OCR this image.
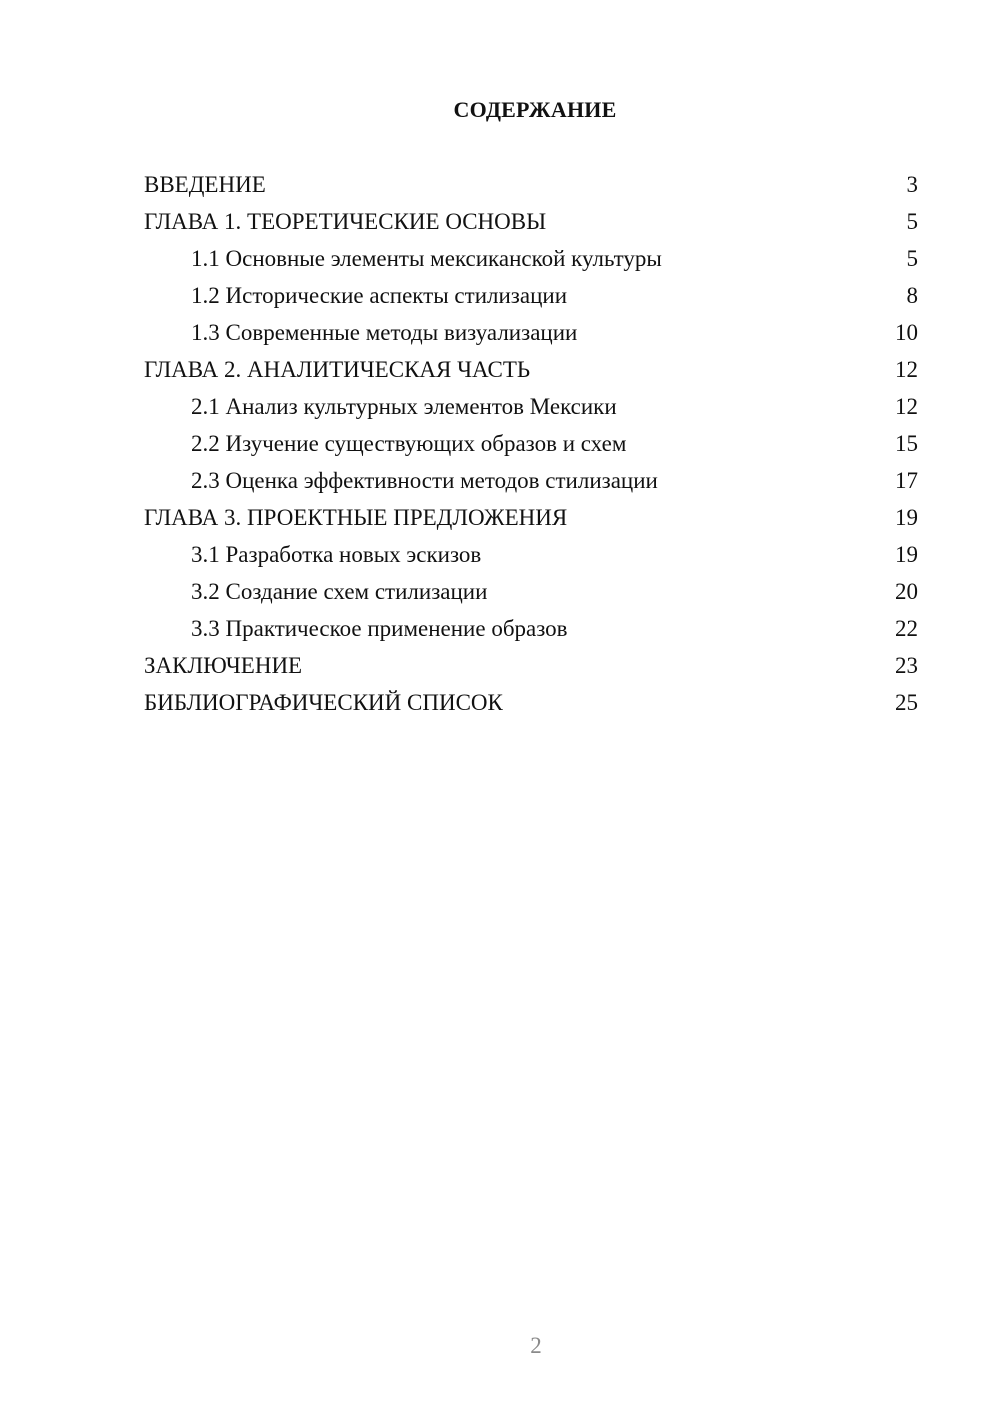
СОДЕРЖАНИЕ
ВВЕДЕНИЕ	3
ГЛАВА 1. ТЕОРЕТИЧЕСКИЕ ОСНОВЫ	5
1.1 Основные элементы мексиканской культуры	5
1.2 Исторические аспекты стилизации	8
1.3 Современные методы визуализации	10
ГЛАВА 2. АНАЛИТИЧЕСКАЯ ЧАСТЬ	12
2.1 Анализ культурных элементов Мексики	12
2.2 Изучение существующих образов и схем	15
2.3 Оценка эффективности методов стилизации	17
ГЛАВА 3. ПРОЕКТНЫЕ ПРЕДЛОЖЕНИЯ	19
3.1 Разработка новых эскизов	19
3.2 Создание схем стилизации	20
3.3 Практическое применение образов	22
ЗАКЛЮЧЕНИЕ	23
БИБЛИОГРАФИЧЕСКИЙ СПИСОК	25
2
